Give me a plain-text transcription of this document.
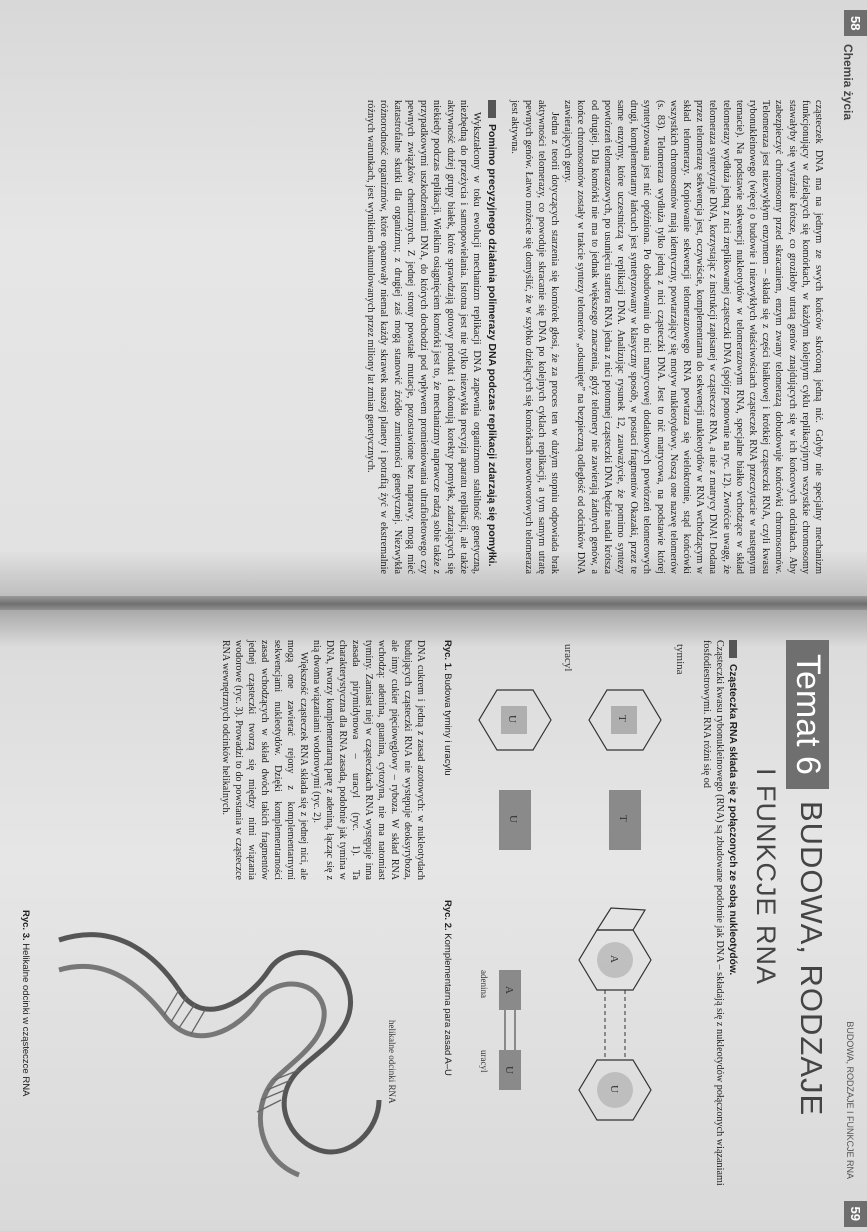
58
Chemia życia

cząsteczek DNA ma na jednym ze swych końców skróconą jedną nić. Gdyby nie specjalny mechanizm funkcjonujący w dzielących się komórkach, w każdym kolejnym cyklu replikacyjnym wszystkie chromosomy stawałyby się wyraźnie krótsze, co groziłoby utratą genów znajdujących się w ich końcowych odcinkach. Aby zabezpieczyć chromosomy przed skracaniem, enzym zwany telomerazą dobudowuje końcówki chromosomów. Telomeraza jest niezwykłym enzymem – składa się z części białkowej i krótkiej cząsteczki RNA, czyli kwasu rybonukleinowego (więcej o budowie i niezwykłych właściwościach cząsteczek RNA przeczytacie w następnym temacie). Na podstawie sekwencji nukleotydów w telomerazowym RNA, specjalne białko wchodzące w skład telomerazy wydłuża jedną z nici zreplikowanej cząsteczki DNA (spójrz ponownie na ryc. 12). Zwróćcie uwagę, że telomeraza syntetyzuje DNA, korzystając z instrukcji zapisanej w cząsteczce RNA, a nie z matrycy DNA! Dodana przez telomerazę sekwencja jest, oczywiście, komplementarna do sekwencji nukleotydów w RNA wchodzącym w skład telomerazy. Kopiowanie sekwencji telomerazowego RNA powtarza się wielokrotnie, stąd końcówki wszystkich chromosomów mają identyczny, powtarzający się motyw nukleotydowy. Noszą one nazwę telomerów (s. 83). Telomeraza wydłuża tylko jedną z nici cząsteczki DNA. Jest to nić matrycowa, na podstawie której syntetyzowana jest nić opóźniona. Po dobudowaniu do nici matrycowej dodatkowych powtórzeń telomerowych drugi, komplementarny łańcuch jest syntetyzowany w klasyczny sposób, w postaci fragmentów Okazaki, przez te same enzymy, które uczestniczą w replikacji DNA. Analizując rysunek 12, zauważycie, że pomimo syntezy powtórzeń telomerazowych, po usunięciu startera RNA jedna z nici potomnej cząsteczki DNA będzie nadal krótsza od drugiej. Dla komórki nie ma to jednak większego znaczenia, gdyż telomery nie zawierają żadnych genów, a końce chromosomów zostały w trakcie syntezy telomerów „odsunięte” na bezpieczną odległość od odcinków DNA zawierających geny.

Jedna z teorii dotyczących starzenia się komórek głosi, że za proces ten w dużym stopniu odpowiada brak aktywności telomerazy, co powoduje skracanie się DNA po kolejnych cyklach replikacji, a tym samym utratę pewnych genów. Łatwo możecie się domyślić, że w szybko dzielących się komórkach nowotworowych telomeraza jest aktywna.

Pomimo precyzyjnego działania polimerazy DNA podczas replikacji zdarzają się pomyłki.

Wykształcony w toku ewolucji mechanizm replikacji DNA zapewnia organizmom stabilność genetyczną, niezbędną do przeżycia i samopowielania. Istotna jest nie tylko niezwykła precyzja aparatu replikacji, ale także aktywność dużej grupy białek, które sprawdzają gotowy produkt i dokonują korekty pomyłek, zdarzających się niekiedy podczas replikacji. Wielkim osiągnięciem komórki jest to, że mechanizmy naprawcze radzą sobie także z przypadkowymi uszkodzeniami DNA, do których dochodzi pod wpływem promieniowania ultrafioletowego czy pewnych związków chemicznych. Z jednej strony powstałe mutacje, pozostawione bez naprawy, mogą mieć katastrofalne skutki dla organizmu; z drugiej zaś mogą stanowić źródło zmienności genetycznej. Niezwykła różnorodność organizmów, które opanowały niemal każdy skrawek naszej planety i potrafią żyć w ekstremalnie różnych warunkach, jest wynikiem akumulowanych przez miliony lat zmian genetycznych.

59
BUDOWA, RODZAJE I FUNKCJE RNA
Temat 6BUDOWA, RODZAJE
I FUNKCJE RNA
Cząsteczka RNA składa się z połączonych ze sobą nukleotydów.
Cząsteczki kwasu rybonukleinowego (RNA) są zbudowane podobnie jak DNA – składają się z nukleotydów połączonych wiązaniami fosfodiestrowymi. RNA różni się od
tymina
T
T
uracyl
U
U
Ryc. 1. Budowa tyminy i uracylu
A
U
A
U
adenina
uracyl
Ryc. 2. Komplementarna para zasad A–U

DNA cukrem i jedną z zasad azotowych: w nukleotydach budujących cząsteczki RNA nie występuje deoksyryboza, ale inny cukier pięciowęglowy – ryboza. W skład RNA wchodzą: adenina, guanina, cytozyna, nie ma natomiast tyminy. Zamiast niej w cząsteczkach RNA występuje inna zasada pirymidynowa – uracyl (ryc. 1). Ta charakterystyczna dla RNA zasada, podobnie jak tymina w DNA, tworzy komplementarną parę z adeniną, łącząc się z nią dwoma wiązaniami wodorowymi (ryc. 2).

Większość cząsteczek RNA składa się z jednej nici, ale mogą one zawierać rejony z komplementarnymi sekwencjami nukleotydów. Dzięki komplementarności zasad wchodzących w skład dwóch takich fragmentów jednej cząsteczki tworzą się między nimi wiązania wodorowe (ryc. 3). Prowadzi to do powstania w cząsteczce RNA wewnętrznych odcinków helikalnych.

helikalne odcinki RNA
Ryc. 3. Helikalne odcinki w cząsteczce RNA
